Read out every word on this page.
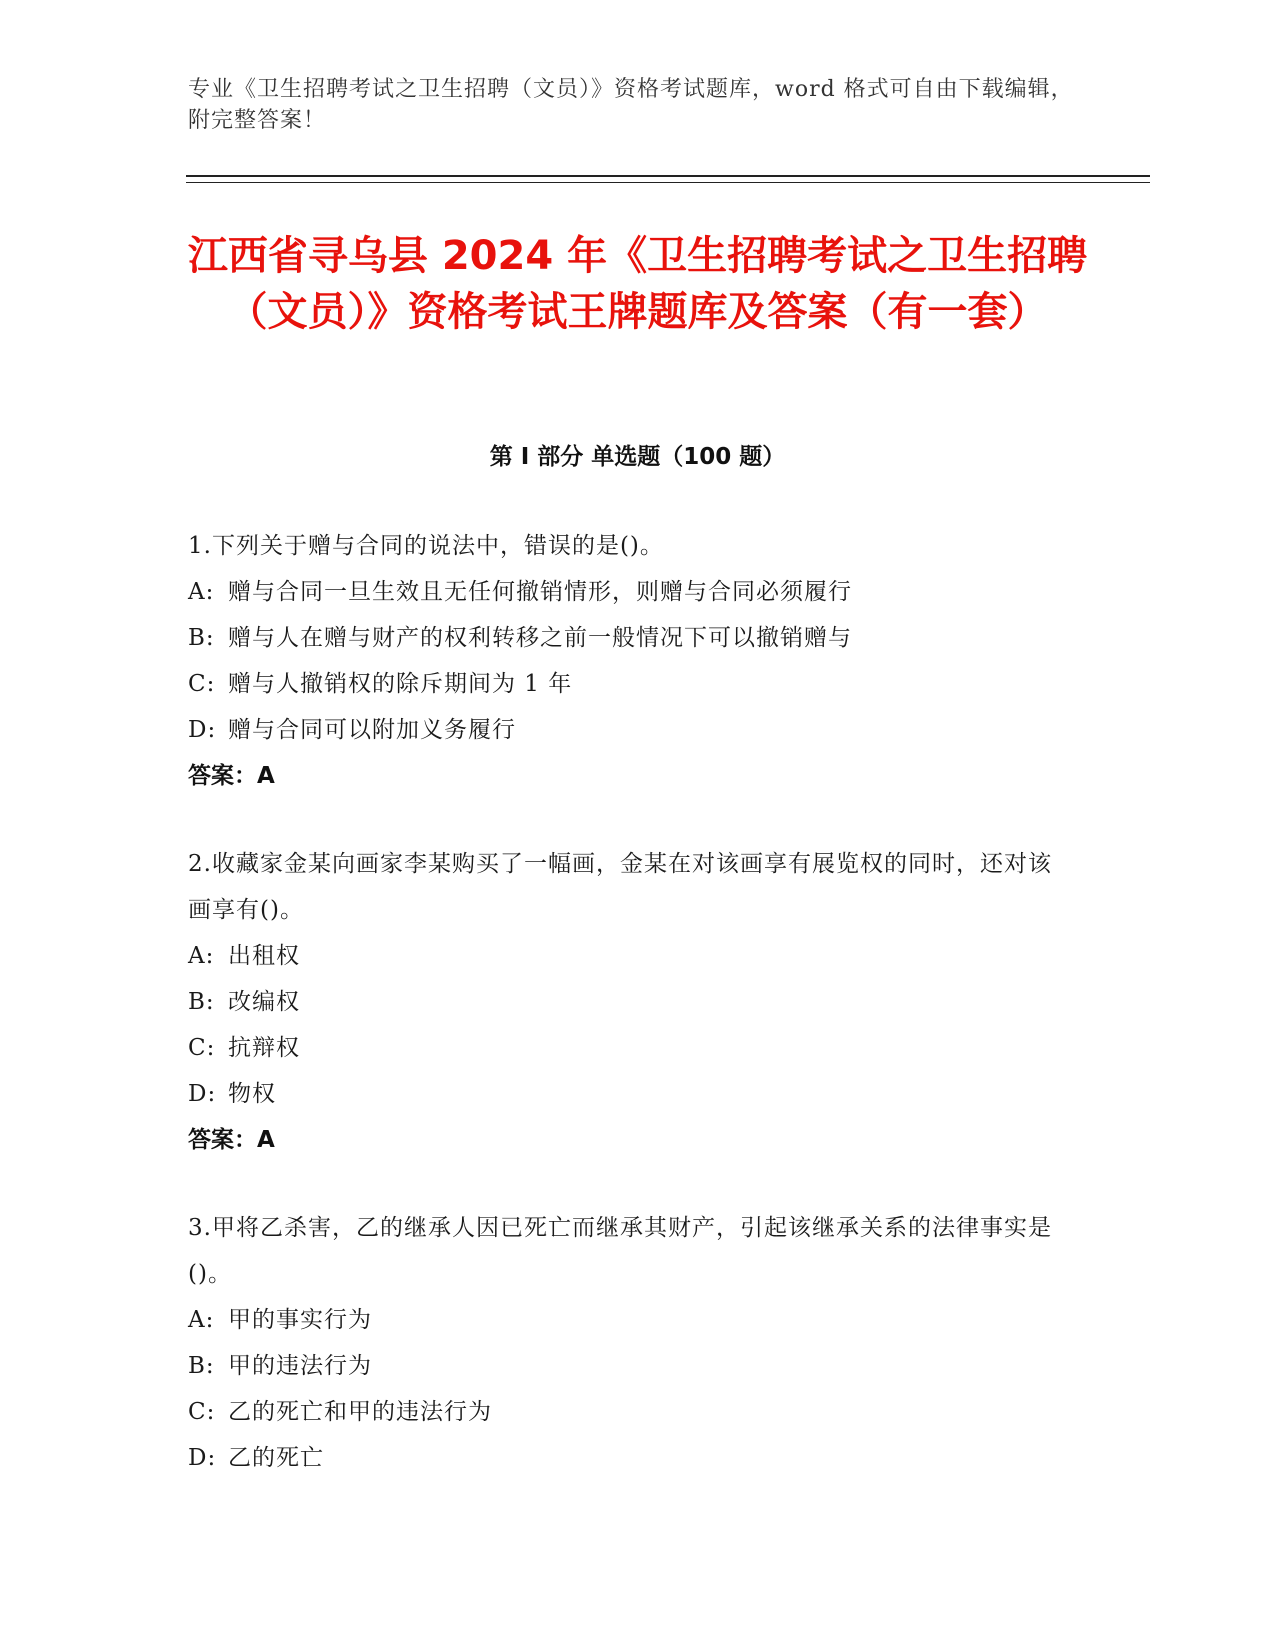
专业《卫生招聘考试之卫生招聘（文员）》资格考试题库，word 格式可自由下载编辑，附完整答案！
江西省寻乌县 2024 年《卫生招聘考试之卫生招聘（文员）》资格考试王牌题库及答案（有一套）
第 I 部分 单选题（100 题）
1.下列关于赠与合同的说法中，错误的是()。
A: 赠与合同一旦生效且无任何撤销情形，则赠与合同必须履行
B: 赠与人在赠与财产的权利转移之前一般情况下可以撤销赠与
C: 赠与人撤销权的除斥期间为 1 年
D: 赠与合同可以附加义务履行
答案：A
2.收藏家金某向画家李某购买了一幅画，金某在对该画享有展览权的同时，还对该画享有()。
A: 出租权
B: 改编权
C: 抗辩权
D: 物权
答案：A
3.甲将乙杀害，乙的继承人因已死亡而继承其财产，引起该继承关系的法律事实是()。
A: 甲的事实行为
B: 甲的违法行为
C: 乙的死亡和甲的违法行为
D: 乙的死亡
